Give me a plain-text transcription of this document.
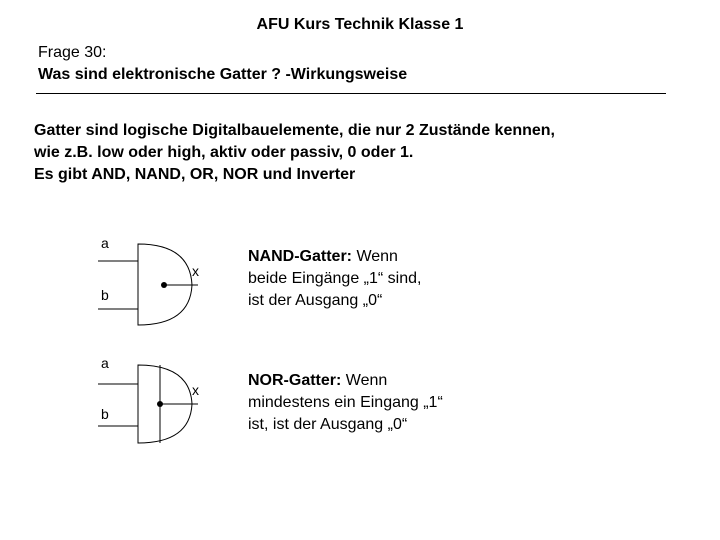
AFU Kurs Technik Klasse 1
Frage 30:
Was sind elektronische Gatter ? -Wirkungsweise
Gatter sind logische Digitalbauelemente, die nur 2 Zustände kennen,
wie z.B. low oder high, aktiv oder passiv, 0 oder 1.
Es gibt AND, NAND, OR, NOR und Inverter
a
b
x
NAND-Gatter: Wenn
beide Eingänge „1“ sind,
ist der Ausgang „0“
a
b
x
NOR-Gatter: Wenn
mindestens ein Eingang „1“
ist, ist der Ausgang „0“
